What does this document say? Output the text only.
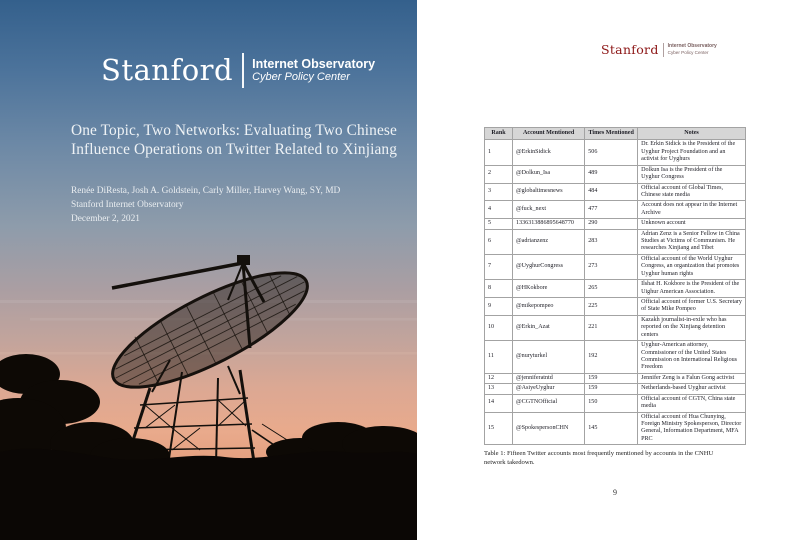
Stanford Internet Observatory
Cyber Policy Center
One Topic, Two Networks: Evaluating Two Chinese
Influence Operations on Twitter Related to Xinjiang
Renée DiResta, Josh A. Goldstein, Carly Miller, Harvey Wang, SY, MD
Stanford Internet Observatory
December 2, 2021
Stanford Internet Observatory
Cyber Policy Center
Rank	Account Mentioned	Times Mentioned	Notes
1	@ErkinSidick	506	Dr. Erkin Sidick is the President of the Uyghur Project Foundation and an activist for Uyghurs
2	@Dolkun_Isa	489	Dolkun Isa is the President of the Uyghur Congress
3	@globaltimesnews	484	Official account of Global Times, Chinese state media
4	@fuck_next	477	Account does not appear in the Internet Archive
5	1336313886895648770	290	Unknown account
6	@adrianzenz	283	Adrian Zenz is a Senior Fellow in China Studies at Victims of Communism. He researches Xinjiang and Tibet
7	@UyghurCongress	273	Official account of the World Uyghur Congress, an organization that promotes Uyghur human rights
8	@HKokbore	265	Ilshat H. Kokbore is the President of the Uighur American Association.
9	@mikepompeo	225	Official account of former U.S. Secretary of State Mike Pompeo
10	@Erkin_Azat	221	Kazakh journalist-in-exile who has reported on the Xinjiang detention centers
11	@nuryturkel	192	Uyghur-American attorney, Commissioner of the United States Commission on International Religious Freedom
12	@jenniferatntd	159	Jennifer Zeng is a Falun Gong activist
13	@AsiyeUyghur	159	Netherlands-based Uyghur activist
14	@CGTNOfficial	150	Official account of CGTN, China state media
15	@SpokespersonCHN	145	Official account of Hua Chunying, Foreign Ministry Spokesperson, Director General, Information Department, MFA PRC
Table 1: Fifteen Twitter accounts most frequently mentioned by accounts in the CNHU network takedown.
9
